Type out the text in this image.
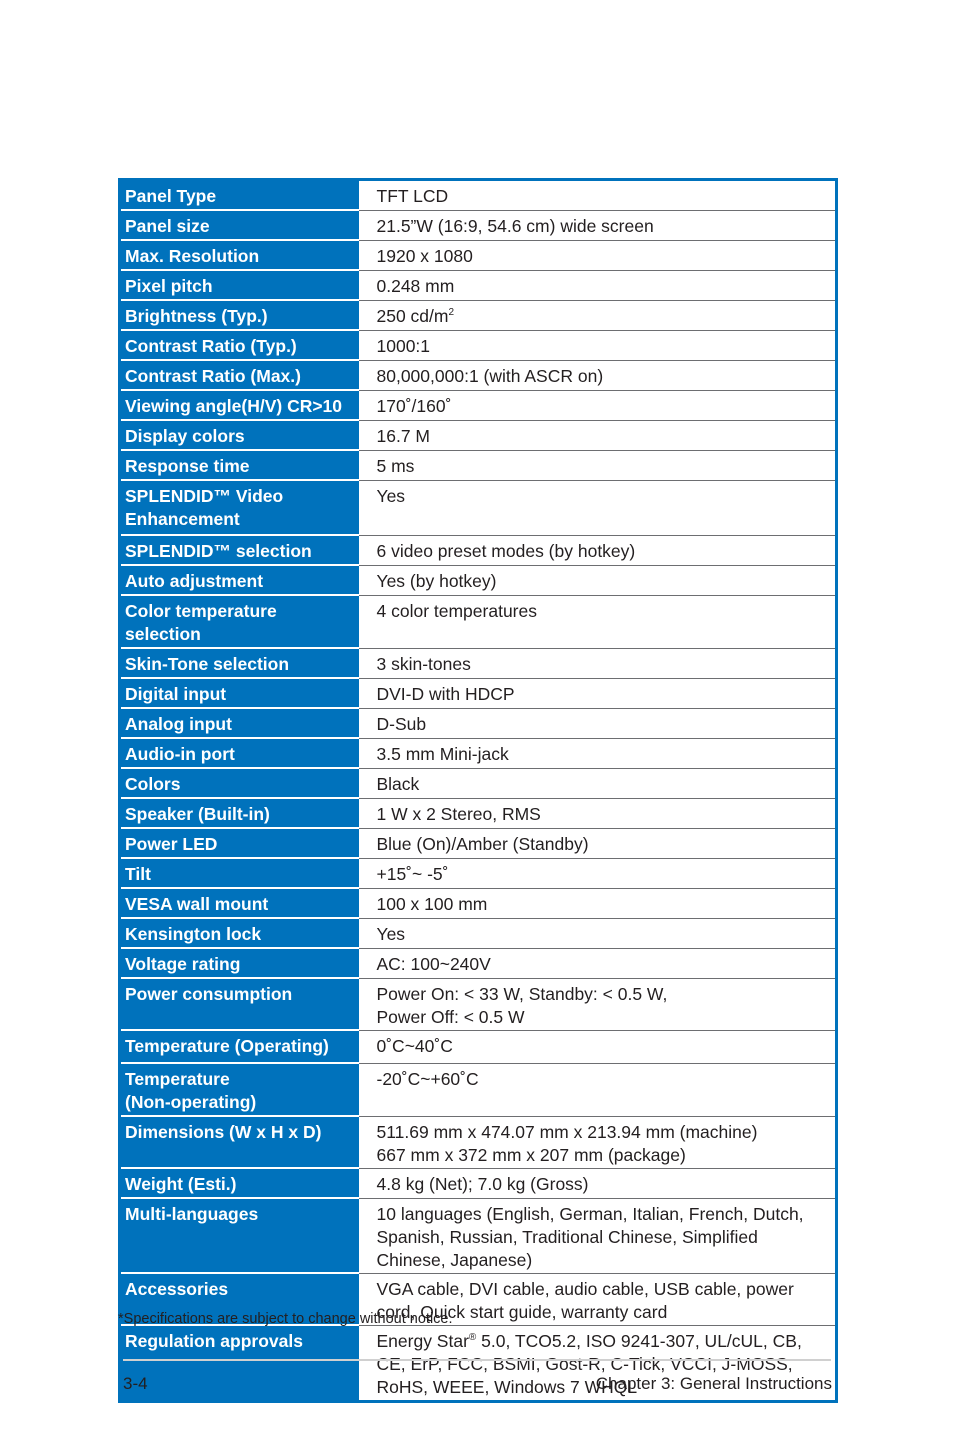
Panel Type	TFT LCD
Panel size	21.5”W (16:9, 54.6 cm) wide screen
Max. Resolution	1920 x 1080
Pixel pitch	0.248 mm
Brightness (Typ.)	250 $cd/m^2$
Contrast Ratio (Typ.)	1000:1
Contrast Ratio (Max.)	80,000,000:1 (with ASCR on)
Viewing angle(H/V) CR>10	170˚/160˚
Display colors	16.7 M
Response time	5 ms
SPLENDID™ Video Enhancement	Yes
SPLENDID™ selection	6 video preset modes (by hotkey)
Auto adjustment	Yes (by hotkey)
Color temperature selection	4 color temperatures
Skin-Tone selection	3 skin-tones
Digital input	DVI-D with HDCP
Analog input	D-Sub
Audio-in port	3.5 mm Mini-jack
Colors	Black
Speaker (Built-in)	1 W x 2 Stereo, RMS
Power LED	Blue (On)/Amber (Standby)
Tilt	+15˚~ -5˚
VESA wall mount	100 x 100 mm
Kensington lock	Yes
Voltage rating	AC: 100~240V
Power consumption	Power On: < 33 W, Standby: < 0.5 W,
Power Off: < 0.5 W
Temperature (Operating)	0˚C~40˚C
Temperature
(Non-operating)	-20˚C~+60˚C
Dimensions (W x H x D)	511.69 mm x 474.07 mm x 213.94 mm (machine)
667 mm x 372 mm x 207 mm (package)
Weight (Esti.)	4.8 kg (Net); 7.0 kg (Gross)
Multi-languages	10 languages (English, German, Italian, French, Dutch, Spanish, Russian, Traditional Chinese, Simplified Chinese, Japanese)
Accessories	VGA cable, DVI cable, audio cable, USB cable, power cord, Quick start guide, warranty card
Regulation approvals	Energy Star® 5.0, TCO5.2, ISO 9241-307, UL/cUL, CB, CE, ErP, FCC, BSMI, Gost-R, C-Tick, VCCI, J-MOSS, RoHS, WEEE, Windows 7 WHQL
*Specifications are subject to change without notice.
3-4	Chapter 3: General Instructions
